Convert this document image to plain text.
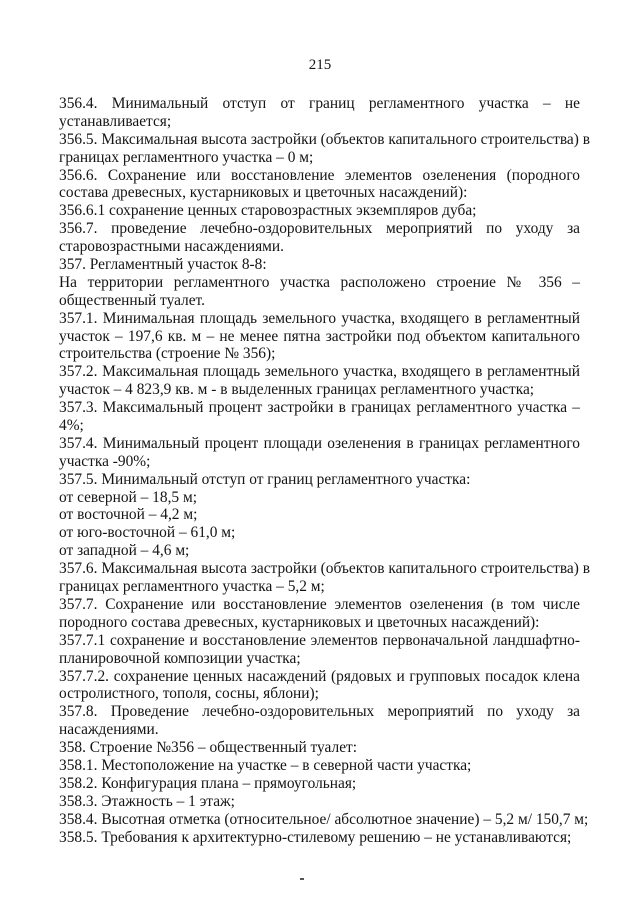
215
356.4. Минимальный отступ от границ регламентного участка – не
устанавливается;
356.5. Максимальная высота застройки (объектов капитального строительства) в
границах регламентного участка – 0 м;
356.6. Сохранение или восстановление элементов озеленения (породного
состава древесных, кустарниковых и цветочных насаждений):
356.6.1 сохранение ценных старовозрастных экземпляров дуба;
356.7. проведение лечебно-оздоровительных мероприятий по уходу за
старовозрастными насаждениями.
357. Регламентный участок 8-8:
На территории регламентного участка расположено строение № 356 –
общественный туалет.
357.1. Минимальная площадь земельного участка, входящего в регламентный
участок – 197,6 кв. м – не менее пятна застройки под объектом капитального
строительства (строение № 356);
357.2. Максимальная площадь земельного участка, входящего в регламентный
участок – 4 823,9 кв. м - в выделенных границах регламентного участка;
357.3. Максимальный процент застройки в границах регламентного участка –
4%;
357.4. Минимальный процент площади озеленения в границах регламентного
участка -90%;
357.5. Минимальный отступ от границ регламентного участка:
от северной – 18,5 м;
от восточной – 4,2 м;
от юго-восточной – 61,0 м;
от западной – 4,6 м;
357.6. Максимальная высота застройки (объектов капитального строительства) в
границах регламентного участка – 5,2 м;
357.7. Сохранение или восстановление элементов озеленения (в том числе
породного состава древесных, кустарниковых и цветочных насаждений):
357.7.1 сохранение и восстановление элементов первоначальной ландшафтно-
планировочной композиции участка;
357.7.2. сохранение ценных насаждений (рядовых и групповых посадок клена
остролистного, тополя, сосны, яблони);
357.8. Проведение лечебно-оздоровительных мероприятий по уходу за
насаждениями.
358. Строение №356 – общественный туалет:
358.1. Местоположение на участке – в северной части участка;
358.2. Конфигурация плана – прямоугольная;
358.3. Этажность – 1 этаж;
358.4. Высотная отметка (относительное/ абсолютное значение) – 5,2 м/ 150,7 м;
358.5. Требования к архитектурно-стилевому решению – не устанавливаются;
